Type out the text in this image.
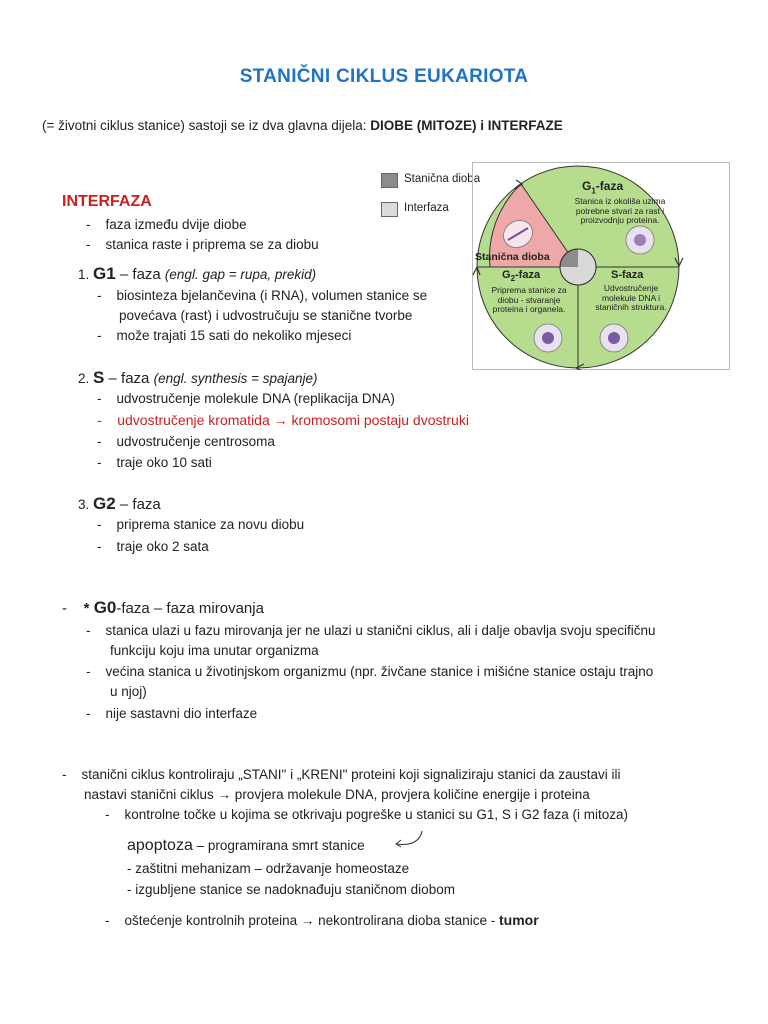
STANIČNI CIKLUS EUKARIOTA
(= životni ciklus stanice) sastoji se iz dva glavna dijela: DIOBE (MITOZE) i INTERFAZE
INTERFAZA
-    faza između dvije diobe
-    stanica raste i priprema se za diobu
1. G1 – faza (engl. gap = rupa, prekid)
-    biosinteza bjelančevina (i RNA), volumen stanice se
povećava (rast) i udvostručuju se stanične tvorbe
-    može trajati 15 sati do nekoliko mjeseci
2. S – faza (engl. synthesis = spajanje)
-    udvostručenje molekule DNA (replikacija DNA)
-    udvostručenje kromatida → kromosomi postaju dvostruki
-    udvostručenje centrosoma
-    traje oko 10 sati
3. G2 – faza
-    priprema stanice za novu diobu
-    traje oko 2 sata
-    * G0-faza – faza mirovanja
-    stanica ulazi u fazu mirovanja jer ne ulazi u stanični ciklus, ali i dalje obavlja svoju specifičnu
funkciju koju ima unutar organizma
-    većina stanica u životinjskom organizmu (npr. živčane stanice i mišićne stanice ostaju trajno
u njoj)
-    nije sastavni dio interfaze
-    stanični ciklus kontroliraju „STANI" i „KRENI" proteini koji signaliziraju stanici da zaustavi ili
nastavi stanični ciklus → provjera molekule DNA, provjera količine energije i proteina
-    kontrolne točke u kojima se otkrivaju pogreške u stanici su G1, S i G2 faza (i mitoza)
apoptoza – programirana smrt stanice
- zaštitni mehanizam – održavanje homeostaze
- izgubljene stanice se nadoknađuju staničnom diobom
-    oštećenje kontrolnih proteina → nekontrolirana dioba stanice - tumor
Stanična dioba
Interfaza
$G_1$-faza
Stanica iz okoliša uzima
potrebne stvari za rast i
proizvodnju proteina.
Stanična dioba
S-faza
Udvostručenje
molekule DNA i
staničnih struktura.
$G_2$-faza
Priprema stanice za
diobu - stvaranje
proteina i organela.
